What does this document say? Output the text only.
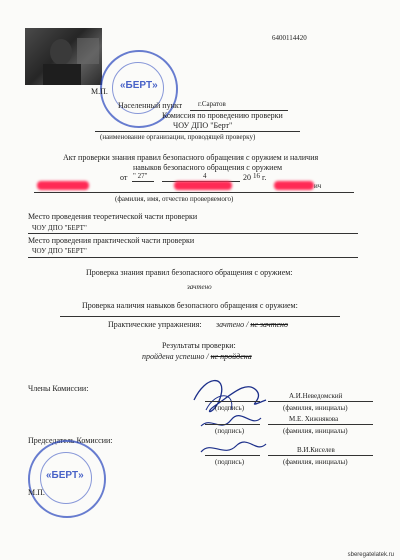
6400114420
«БЕРТ»
М.П.
Населенный пункт г.Саратов
Комиссия по проведению проверки
ЧОУ ДПО "Берт"
(наименование организации, проводящей проверку)
Акт проверки знания правил безопасного обращения с оружием и наличия
навыков безопасного обращения с оружием
от " 27"	4	20 16 г.
ич
(фамилия, имя, отчество проверяемого)
Место проведения теоретической части проверки
ЧОУ ДПО "БЕРТ"
Место проведения практической части проверки
ЧОУ ДПО "БЕРТ"
Проверка знания правил безопасного обращения с оружием:
зачтено
Проверка наличия навыков безопасного обращения с оружием:
Практические упражнения: зачтено / не зачтено
Результаты проверки:
пройдена успешно / не пройдена
Члены Комиссии:
А.И.Неведомский
(подпись)	(фамилия, инициалы)
М.Е. Хижнякова
(подпись)	(фамилия, инициалы)
Председатель Комиссии:
В.И.Киселев
(подпись)	(фамилия, инициалы)
«БЕРТ»
М.П.
sberegatelatek.ru
